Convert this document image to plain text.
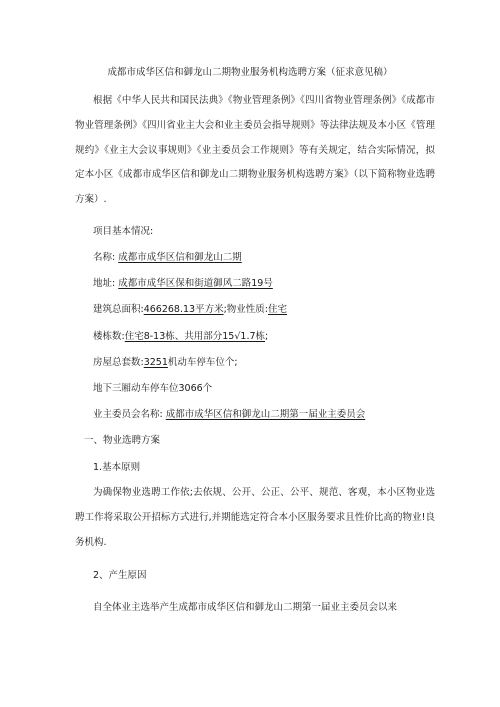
成都市成华区信和御龙山二期物业服务机构选聘方案（征求意见稿）

根据《中华人民共和国民法典》《物业管理条例》《四川省物业管理条例》《成都市物业管理条例》《四川省业主大会和业主委员会指导规则》等法律法规及本小区《管理规约》《业主大会议事规则》《业主委员会工作规则》等有关规定，结合实际情况，拟定本小区《成都市成华区信和御龙山二期物业服务机构选聘方案》（以下简称物业选聘方案）.

项目基本情况:
名称: 成都市成华区信和御龙山二期
地址: 成都市成华区保和街道御风二路19号
建筑总面积:466268.13平方米;物业性质:住宅
楼栋数:住宅8-13栋、共用部分15√1.7栋;
房屋总套数:3251机动车停车位个;
地下三厢动车停车位3066个
业主委员会名称: 成都市成华区信和御龙山二期第一届业主委员会
一、物业选聘方案
1.基本原则

为确保物业选聘工作依;去依规、公开、公正、公平、规范、客观，本小区物业选聘工作将采取公开招标方式进行,并期能选定符合本小区服务要求且性价比高的物业!良务机构.

2、产生原因
自全体业主选举产生成都市成华区信和御龙山二期第一届业主委员会以来
